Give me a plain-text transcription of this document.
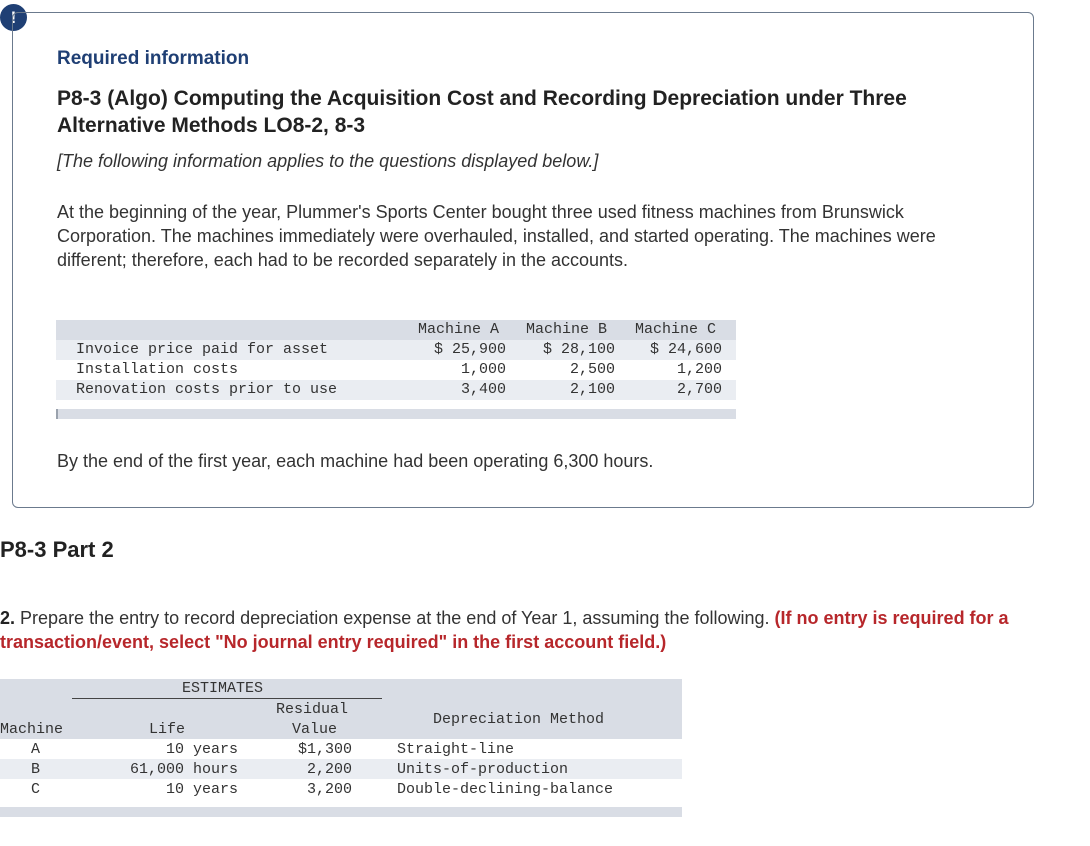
!
Required information
P8-3 (Algo) Computing the Acquisition Cost and Recording Depreciation under Three Alternative Methods LO8-2, 8-3
[The following information applies to the questions displayed below.]
At the beginning of the year, Plummer's Sports Center bought three used fitness machines from Brunswick Corporation. The machines immediately were overhauled, installed, and started operating. The machines were different; therefore, each had to be recorded separately in the accounts.
Machine A Machine B Machine C
Invoice price paid for asset	$ 25,900	$ 28,100	$ 24,600
Installation costs	1,000	2,500	1,200
Renovation costs prior to use	3,400	2,100	2,700
By the end of the first year, each machine had been operating 6,300 hours.
P8-3 Part 2
2. Prepare the entry to record depreciation expense at the end of Year 1, assuming the following. (If no entry is required for a transaction/event, select "No journal entry required" in the first account field.)
ESTIMATES
Residual
Depreciation Method
Machine	Life	Value
A	10 years	$1,300	Straight-line
B	61,000 hours	2,200	Units-of-production
C	10 years	3,200	Double-declining-balance
